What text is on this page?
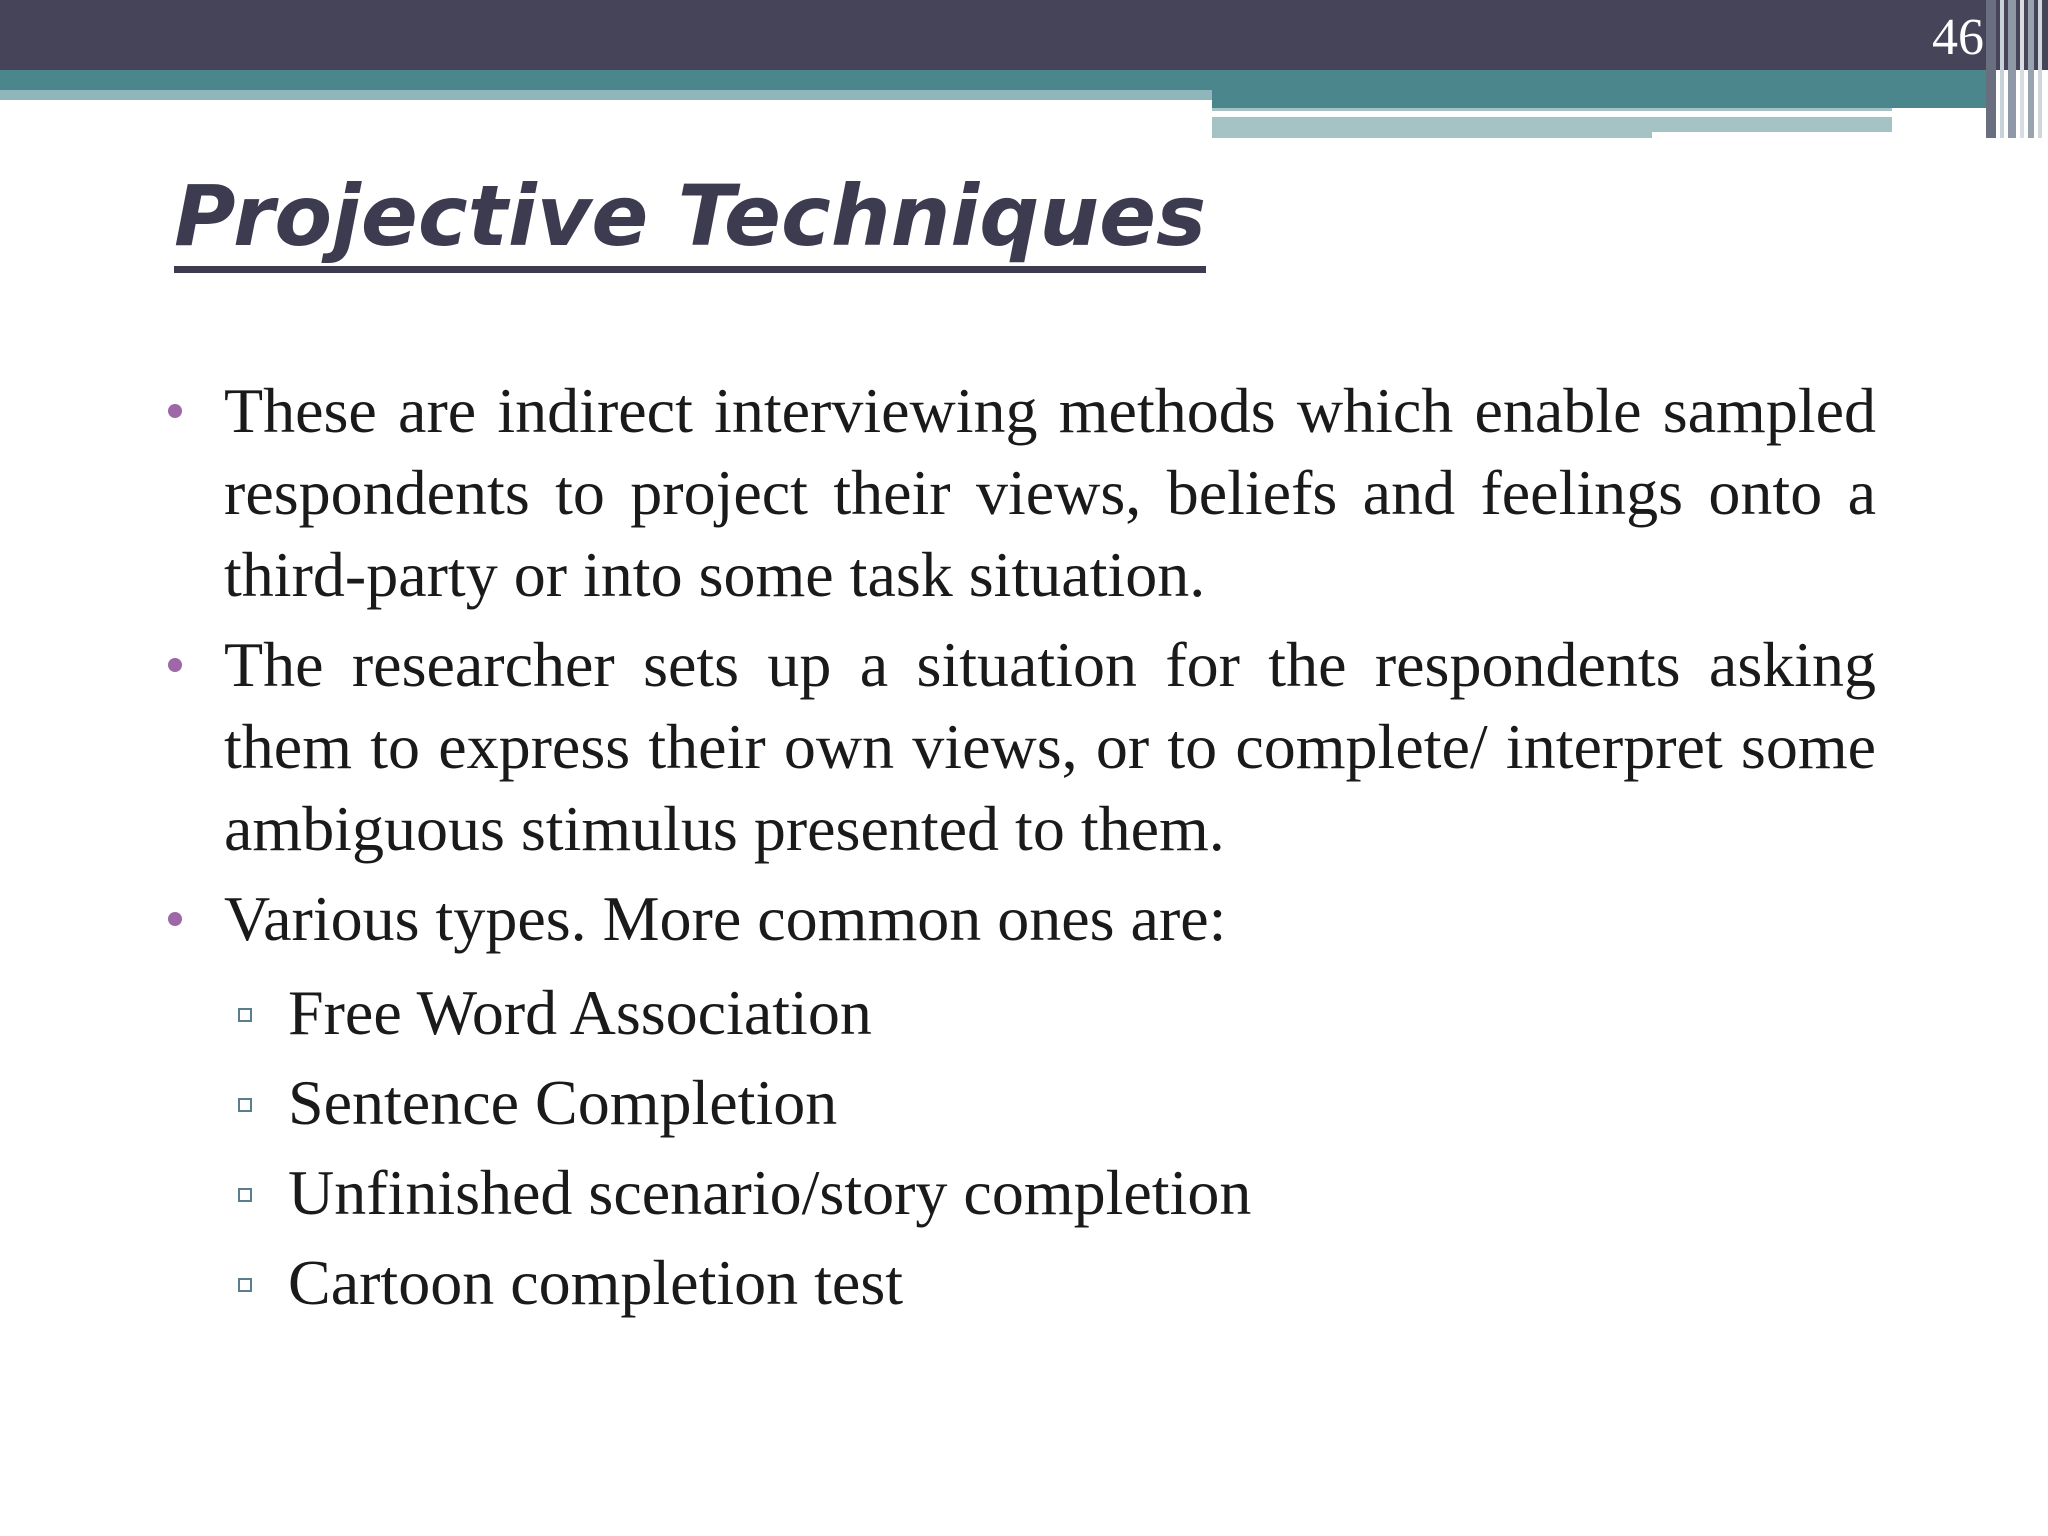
46
Projective Techniques
These are indirect interviewing methods which enable sampled respondents to project their views, beliefs and feelings onto a third-party or into some task situation.
The researcher sets up a situation for the respondents asking them to express their own views, or to complete/ interpret some ambiguous stimulus presented to them.
Various types. More common ones are:
Free Word Association
Sentence Completion
Unfinished scenario/story completion
Cartoon completion test
